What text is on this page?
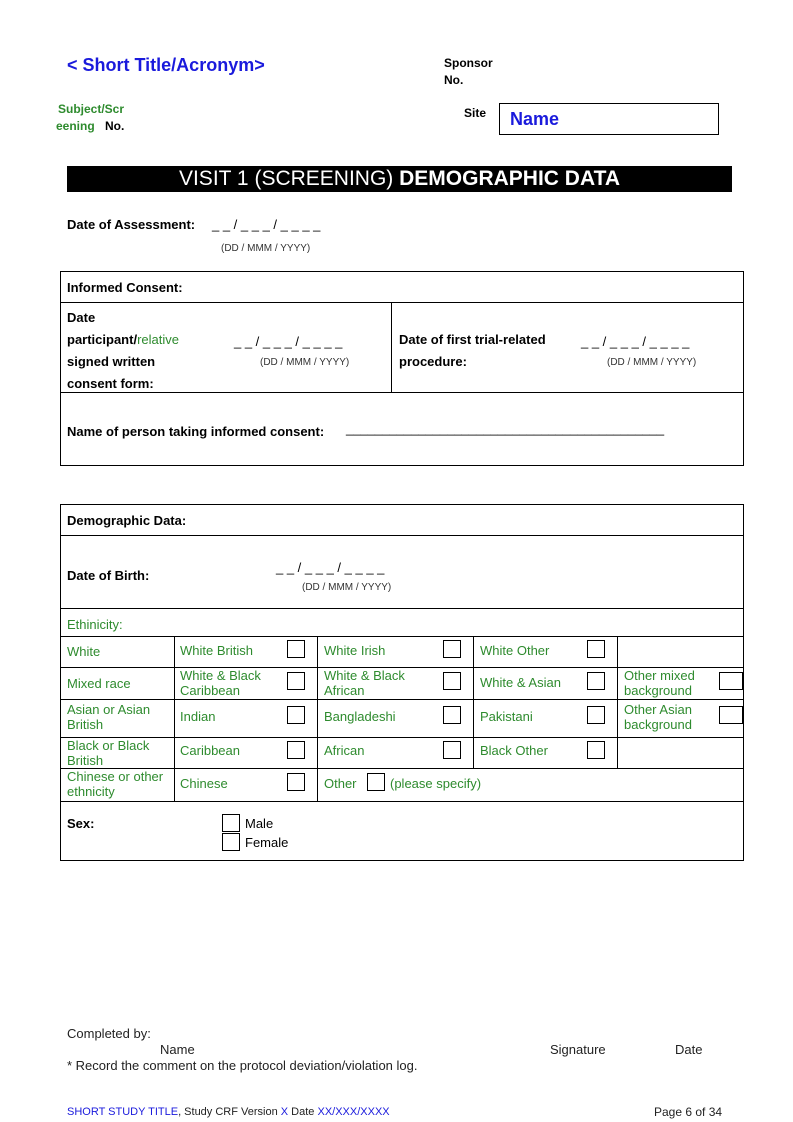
< Short Title/Acronym>	Sponsor
No.
Subject/Scr
eening No.
Site Name
VISIT 1 (SCREENING) DEMOGRAPHIC DATA
Date of Assessment: _ _ / _ _ _ / _ _ _ _
(DD / MMM / YYYY)
Informed Consent:
Date
participant/relative
signed written
consent form:
_ _ / _ _ _ / _ _ _ _
(DD / MMM / YYYY)
Date of first trial-related
procedure:
_ _ / _ _ _ / _ _ _ _
(DD / MMM / YYYY)
Name of person taking informed consent: ____________________________________________
Demographic Data:
Date of Birth:
_ _ / _ _ _ / _ _ _ _
(DD / MMM / YYYY)
Ethinicity:
White	White British	White Irish	White Other
Mixed race
White & Black Caribbean
White & Black African
White & Asian	Other mixed background
Asian or Asian British
Indian	Bangladeshi	Pakistani	Other Asian background
Black or Black British
Caribbean	African	Black Other
Chinese or other ethnicity
Chinese	Other	(please specify)
Sex:	Male
Female
Completed by:
Name	Signature	Date
* Record the comment on the protocol deviation/violation log.
SHORT STUDY TITLE, Study CRF Version X Date XX/XXX/XXXX	Page 6 of 34
